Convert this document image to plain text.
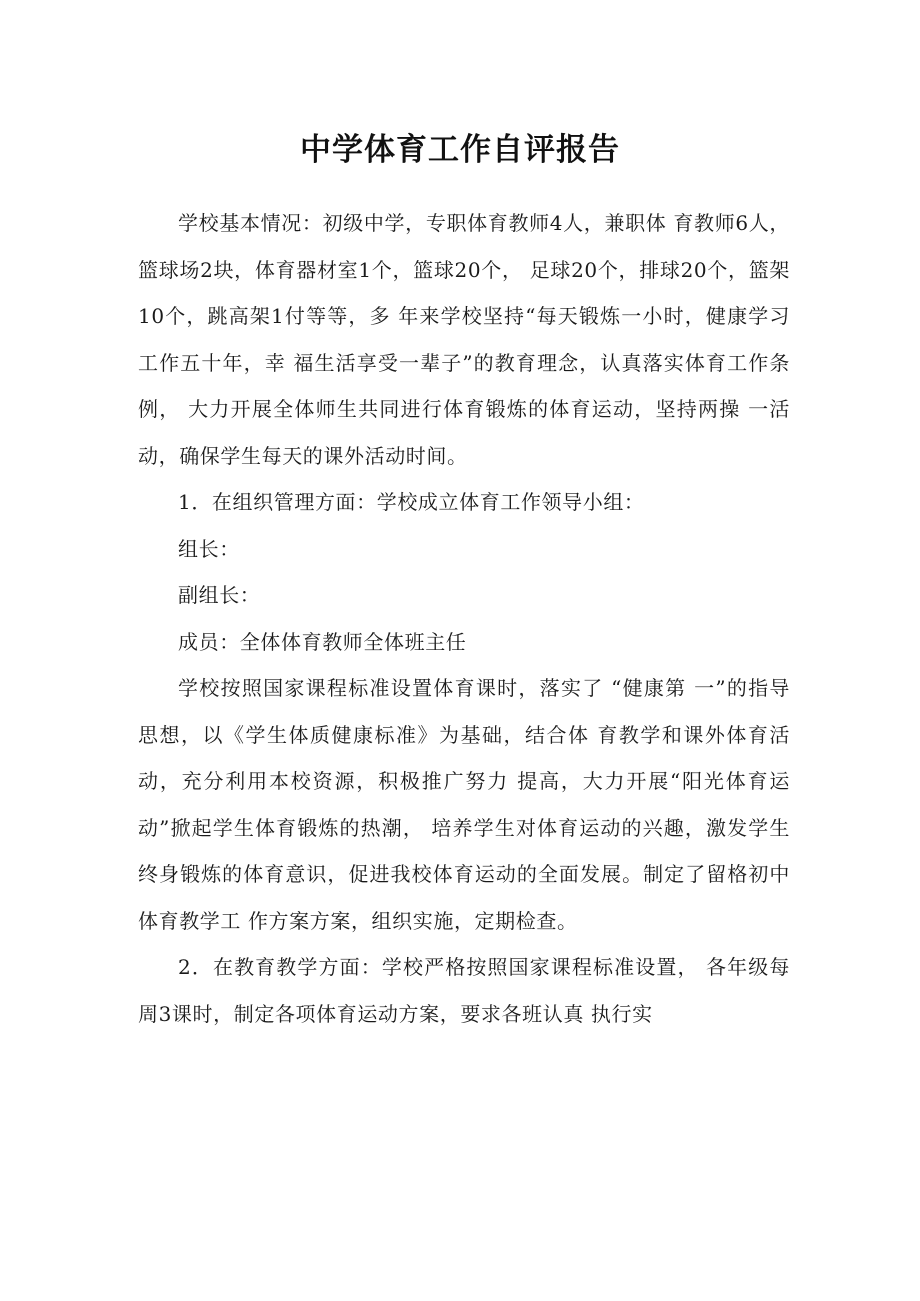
中学体育工作自评报告

学校基本情况：初级中学，专职体育教师4人，兼职体 育教师6人，篮球场2块，体育器材室1个，篮球20个， 足球20个，排球20个，篮架10个，跳高架1付等等，多 年来学校坚持“每天锻炼一小时，健康学习工作五十年，幸 福生活享受一辈子”的教育理念，认真落实体育工作条例， 大力开展全体师生共同进行体育锻炼的体育运动，坚持两操 一活动，确保学生每天的课外活动时间。

1．在组织管理方面：学校成立体育工作领导小组：

组长：

副组长：

成员：全体体育教师全体班主任

学校按照国家课程标准设置体育课时，落实了 “健康第 一”的指导思想，以《学生体质健康标准》为基础，结合体 育教学和课外体育活动，充分利用本校资源，积极推广努力 提高，大力开展“阳光体育运动”掀起学生体育锻炼的热潮， 培养学生对体育运动的兴趣，激发学生终身锻炼的体育意识，促进我校体育运动的全面发展。制定了留格初中体育教学工 作方案方案，组织实施，定期检查。

2．在教育教学方面：学校严格按照国家课程标准设置， 各年级每周3课时，制定各项体育运动方案，要求各班认真 执行实
